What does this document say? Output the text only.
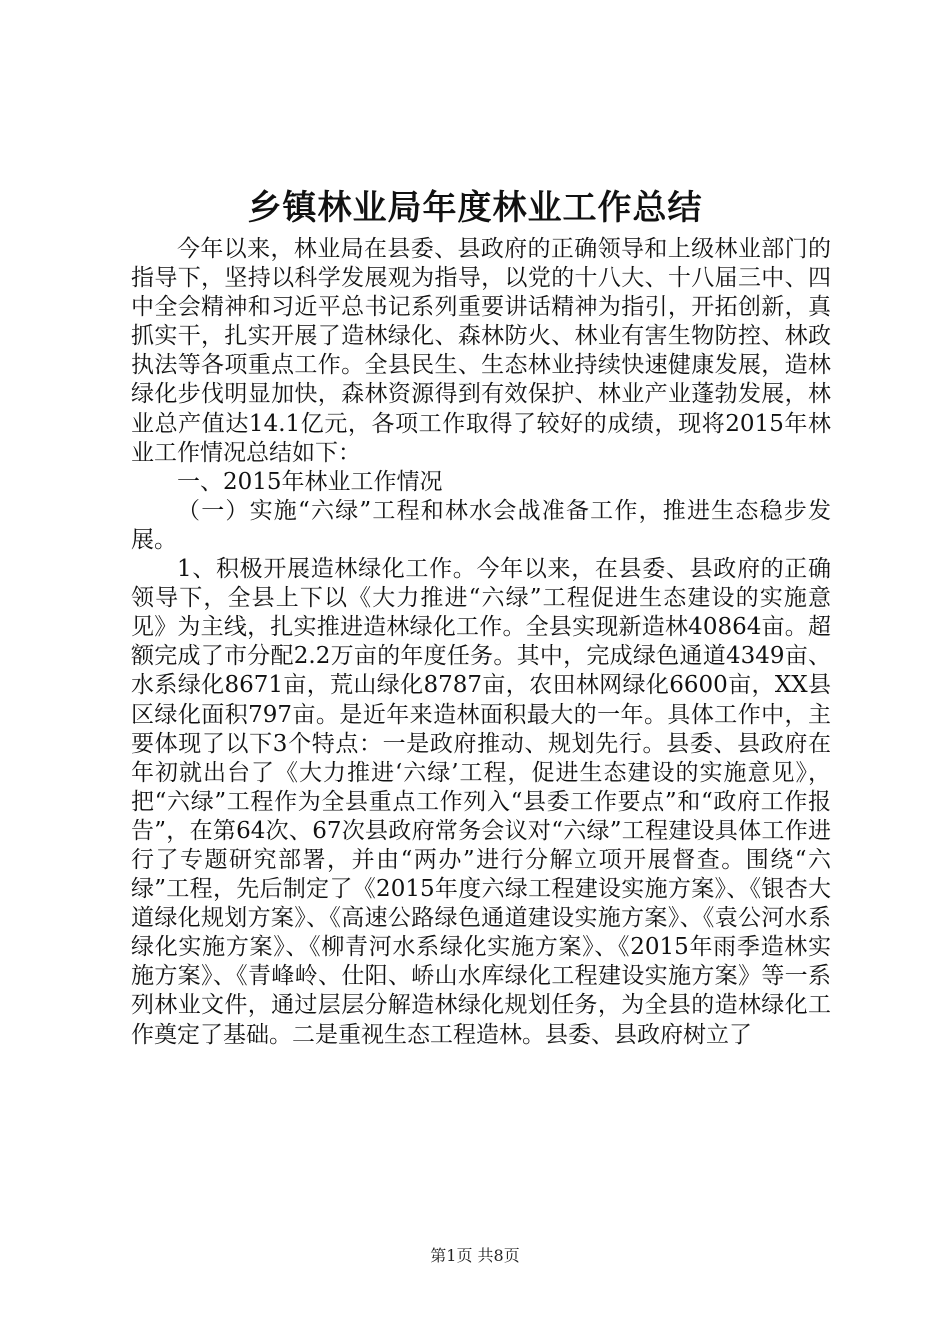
乡镇林业局年度林业工作总结

今年以来，林业局在县委、县政府的正确领导和上级林业部门的指导下，坚持以科学发展观为指导，以党的十八大、十八届三中、四中全会精神和习近平总书记系列重要讲话精神为指引，开拓创新，真抓实干，扎实开展了造林绿化、森林防火、林业有害生物防控、林政执法等各项重点工作。全县民生、生态林业持续快速健康发展，造林绿化步伐明显加快，森林资源得到有效保护、林业产业蓬勃发展，林业总产值达14.1亿元，各项工作取得了较好的成绩，现将2015年林业工作情况总结如下：

一、2015年林业工作情况

（一）实施“六绿”工程和林水会战准备工作，推进生态稳步发展。

1、积极开展造林绿化工作。今年以来，在县委、县政府的正确领导下，全县上下以《大力推进“六绿”工程促进生态建设的实施意见》为主线，扎实推进造林绿化工作。全县实现新造林40864亩。超额完成了市分配2.2万亩的年度任务。其中，完成绿色通道4349亩、水系绿化8671亩，荒山绿化8787亩，农田林网绿化6600亩，XX县区绿化面积797亩。是近年来造林面积最大的一年。具体工作中，主要体现了以下3个特点：一是政府推动、规划先行。县委、县政府在年初就出台了《大力推进‘六绿’工程，促进生态建设的实施意见》，把“六绿”工程作为全县重点工作列入“县委工作要点”和“政府工作报告”，在第64次、67次县政府常务会议对“六绿”工程建设具体工作进行了专题研究部署，并由“两办”进行分解立项开展督查。围绕“六绿”工程，先后制定了《2015年度六绿工程建设实施方案》、《银杏大道绿化规划方案》、《高速公路绿色通道建设实施方案》、《袁公河水系绿化实施方案》、《柳青河水系绿化实施方案》、《2015年雨季造林实施方案》、《青峰岭、仕阳、峤山水库绿化工程建设实施方案》等一系列林业文件，通过层层分解造林绿化规划任务，为全县的造林绿化工作奠定了基础。二是重视生态工程造林。县委、县政府树立了

第1页 共8页
